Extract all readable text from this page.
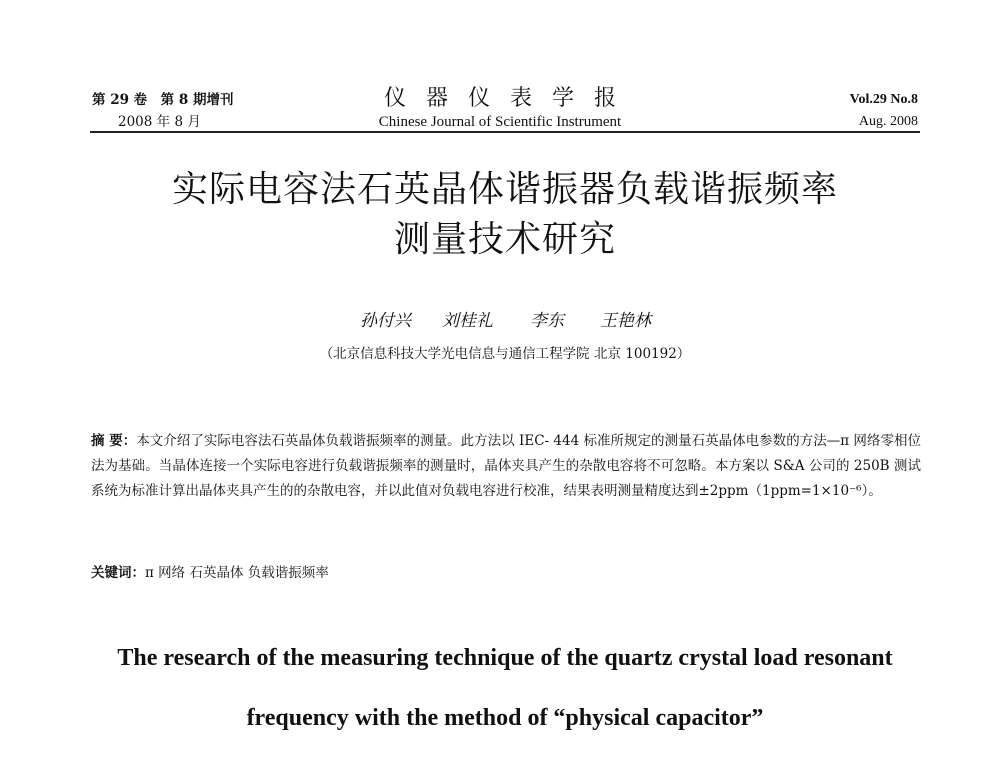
第 29 卷　第 8 期增刊
2008 年 8 月
仪器仪表学报
Chinese Journal of Scientific Instrument
Vol.29 No.8
Aug. 2008
实际电容法石英晶体谐振器负载谐振频率
测量技术研究
孙付兴 刘桂礼 李东 王艳林
（北京信息科技大学光电信息与通信工程学院 北京 100192）
摘 要：本文介绍了实际电容法石英晶体负载谐振频率的测量。此方法以 IEC- 444 标准所规定的测量石英晶体电参数的方法—π 网络零相位法为基础。当晶体连接一个实际电容进行负载谐振频率的测量时，晶体夹具产生的杂散电容将不可忽略。本方案以 S&A 公司的 250B 测试系统为标准计算出晶体夹具产生的的杂散电容，并以此值对负载电容进行校准，结果表明测量精度达到±2ppm（1ppm=1×10⁻⁶）。
关键词：π 网络 石英晶体 负载谐振频率
The research of the measuring technique of the quartz crystal load resonant
frequency with the method of “physical capacitor”
